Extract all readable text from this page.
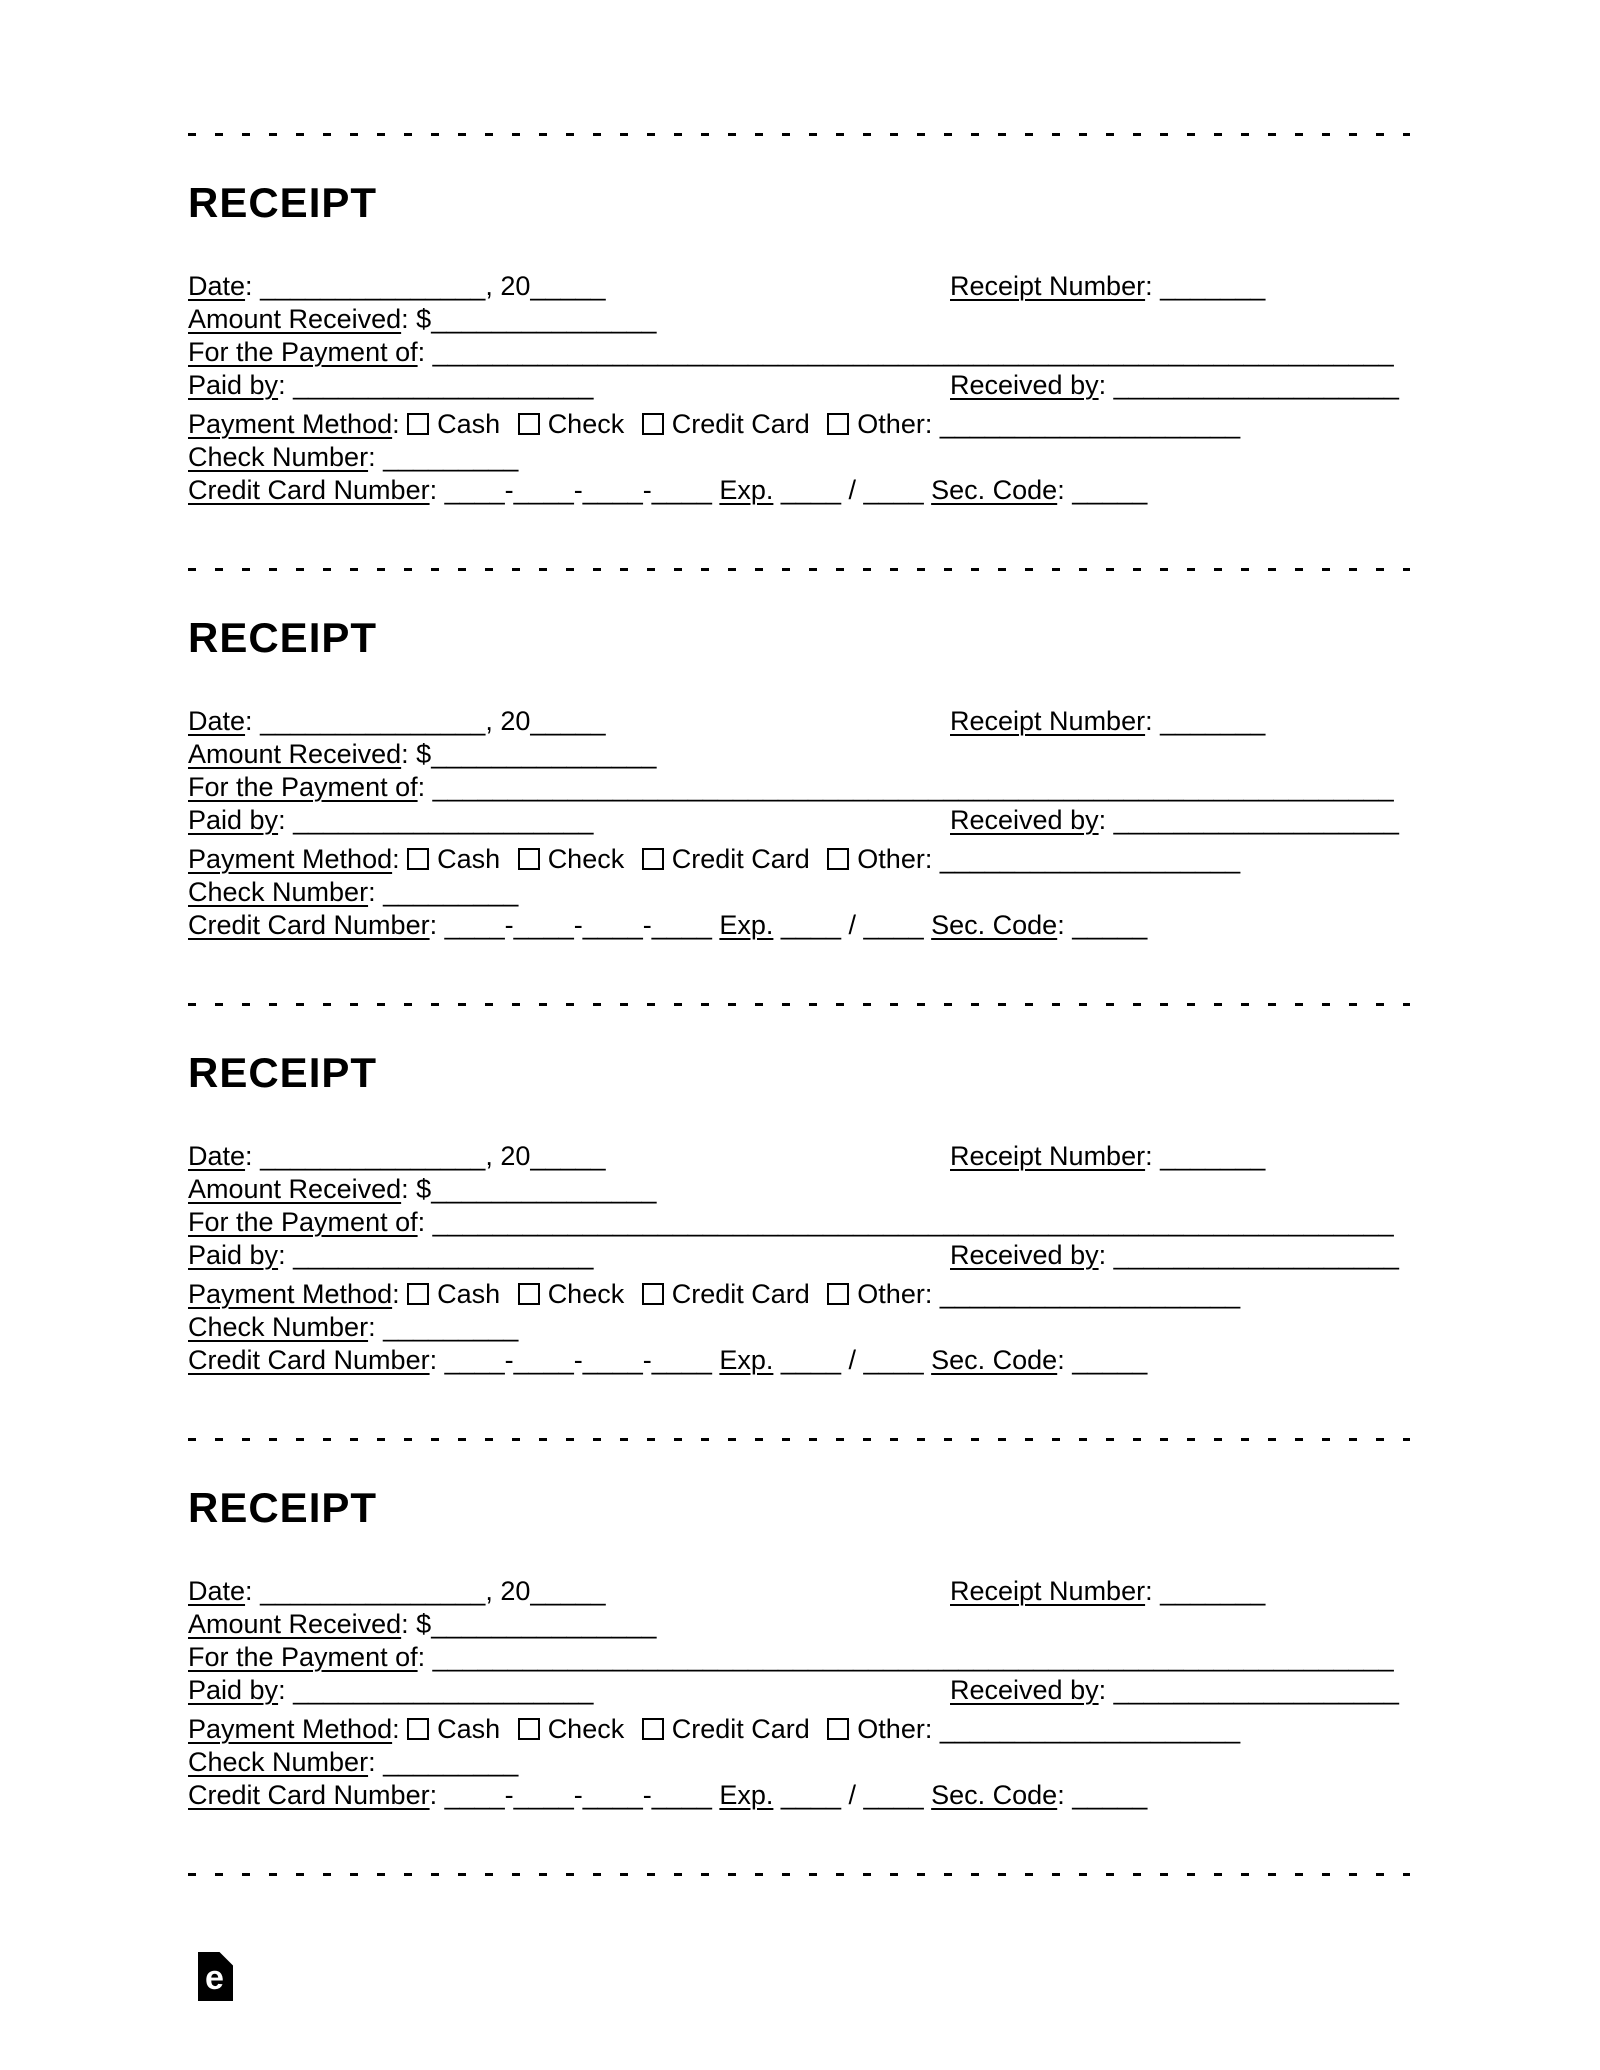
RECEIPT
Date: _______________, 20_____	Receipt Number: _______
Amount Received: $_______________
For the Payment of: ________________________________________________________________
Paid by: ____________________	Received by: ___________________
Payment Method: Cash Check Credit Card Other: ____________________
Check Number: _________
Credit Card Number: ____-____-____-____ Exp. ____ / ____ Sec. Code: _____
RECEIPT
Date: _______________, 20_____	Receipt Number: _______
Amount Received: $_______________
For the Payment of: ________________________________________________________________
Paid by: ____________________	Received by: ___________________
Payment Method: Cash Check Credit Card Other: ____________________
Check Number: _________
Credit Card Number: ____-____-____-____ Exp. ____ / ____ Sec. Code: _____
RECEIPT
Date: _______________, 20_____	Receipt Number: _______
Amount Received: $_______________
For the Payment of: ________________________________________________________________
Paid by: ____________________	Received by: ___________________
Payment Method: Cash Check Credit Card Other: ____________________
Check Number: _________
Credit Card Number: ____-____-____-____ Exp. ____ / ____ Sec. Code: _____
RECEIPT
Date: _______________, 20_____	Receipt Number: _______
Amount Received: $_______________
For the Payment of: ________________________________________________________________
Paid by: ____________________	Received by: ___________________
Payment Method: Cash Check Credit Card Other: ____________________
Check Number: _________
Credit Card Number: ____-____-____-____ Exp. ____ / ____ Sec. Code: _____
e
